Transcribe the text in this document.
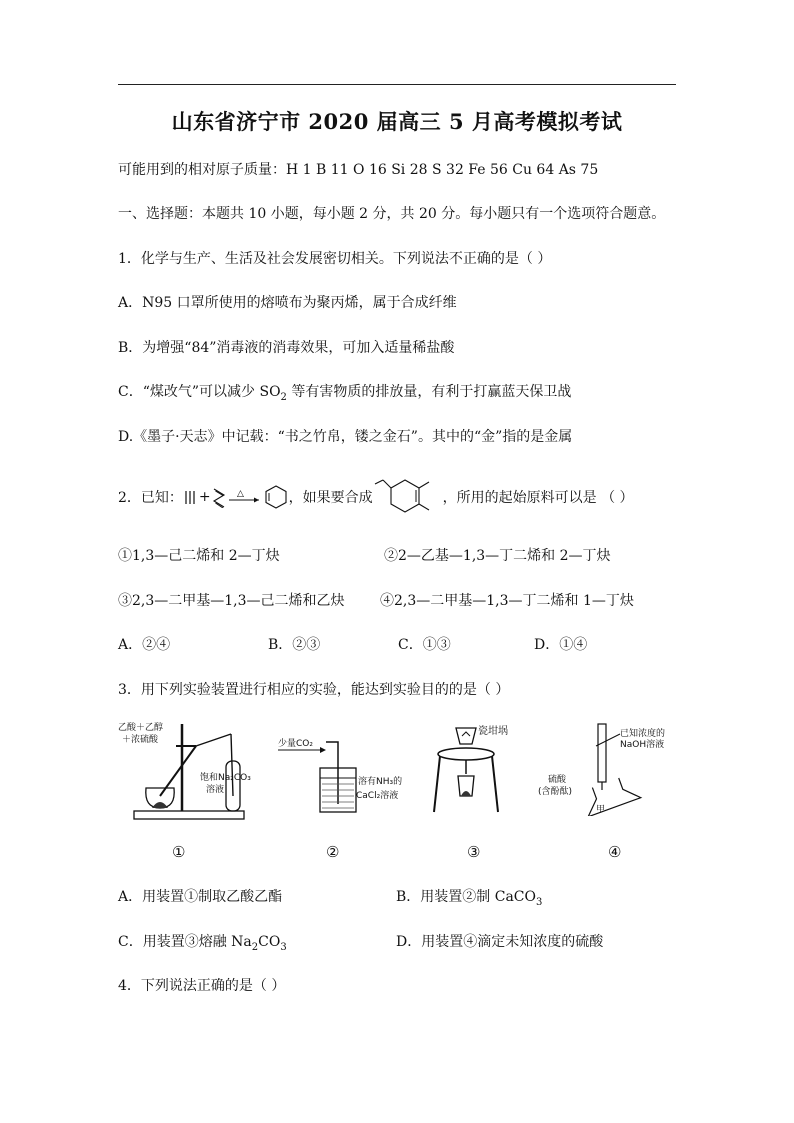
山东省济宁市 2020 届高三 5 月高考模拟考试
可能用到的相对原子质量：H 1 B 11 O 16 Si 28 S 32 Fe 56 Cu 64 As 75
一、选择题：本题共 10 小题，每小题 2 分，共 20 分。每小题只有一个选项符合题意。
1．化学与生产、生活及社会发展密切相关。下列说法不正确的是（ ）
A．N95 口罩所使用的熔喷布为聚丙烯，属于合成纤维
B．为增强“84”消毒液的消毒效果，可加入适量稀盐酸
C．“煤改气”可以减少 $SO_2$ 等有害物质的排放量，有利于打赢蓝天保卫战
D.《墨子·天志》中记载：“书之竹帛，镂之金石”。其中的“金”指的是金属
2．已知： +	△	，如果要合成	，所用的起始原料可以是 （ ）
①1,3—己二烯和 2—丁炔	②2—乙基—1,3—丁二烯和 2—丁炔
③2,3—二甲基—1,3—己二烯和乙炔	④2,3—二甲基—1,3—丁二烯和 1—丁炔
A．②④	B．②③	C．①③	D．①④
3．用下列实验装置进行相应的实验，能达到实验目的的是（ ）
乙酸＋乙醇
＋浓硫酸
饱和Na₂CO₃
溶液
少量CO₂
溶有NH₃的
CaCl₂溶液
瓷坩埚	已知浓度的
NaOH溶液
硫酸
(含酚酞)
甲
①	②	③	④
A．用装置①制取乙酸乙酯	B．用装置②制 CaCO$_3$
C．用装置③熔融 $Na_2CO_3$	D．用装置④滴定未知浓度的硫酸
4．下列说法正确的是（ ）
